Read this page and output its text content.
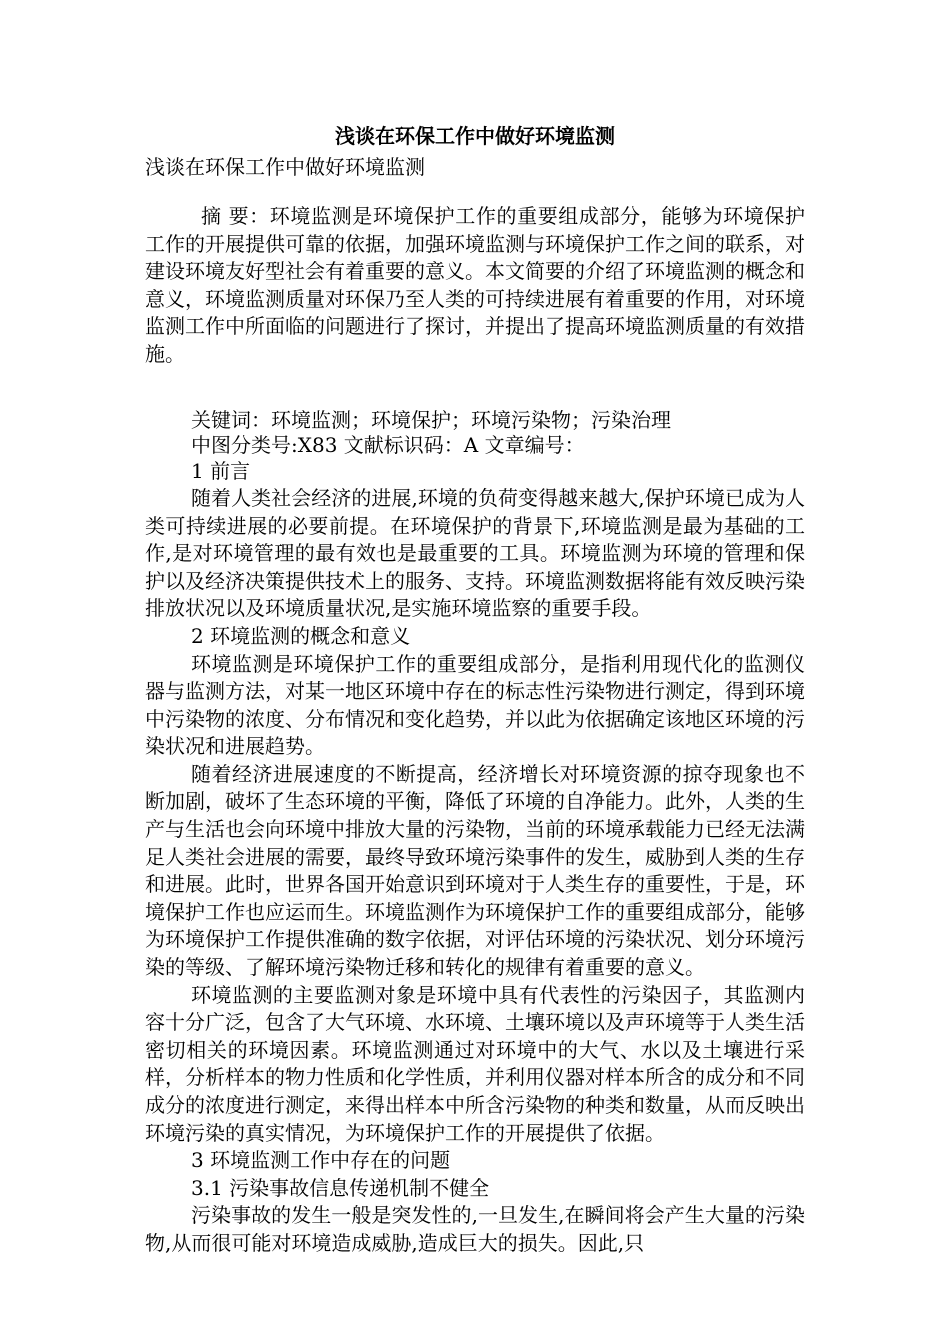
浅谈在环保工作中做好环境监测

浅谈在环保工作中做好环境监测

摘 要：环境监测是环境保护工作的重要组成部分，能够为环境保护工作的开展提供可靠的依据，加强环境监测与环境保护工作之间的联系，对建设环境友好型社会有着重要的意义。本文简要的介绍了环境监测的概念和意义，环境监测质量对环保乃至人类的可持续进展有着重要的作用，对环境监测工作中所面临的问题进行了探讨，并提出了提高环境监测质量的有效措施。

关键词：环境监测；环境保护；环境污染物；污染治理

中图分类号:X83 文献标识码：A 文章编号：

1 前言

随着人类社会经济的进展,环境的负荷变得越来越大,保护环境已成为人类可持续进展的必要前提。在环境保护的背景下,环境监测是最为基础的工作,是对环境管理的最有效也是最重要的工具。环境监测为环境的管理和保护以及经济决策提供技术上的服务、支持。环境监测数据将能有效反映污染排放状况以及环境质量状况,是实施环境监察的重要手段。

2 环境监测的概念和意义

环境监测是环境保护工作的重要组成部分，是指利用现代化的监测仪器与监测方法，对某一地区环境中存在的标志性污染物进行测定，得到环境中污染物的浓度、分布情况和变化趋势，并以此为依据确定该地区环境的污染状况和进展趋势。

随着经济进展速度的不断提高，经济增长对环境资源的掠夺现象也不断加剧，破坏了生态环境的平衡，降低了环境的自净能力。此外，人类的生产与生活也会向环境中排放大量的污染物，当前的环境承载能力已经无法满足人类社会进展的需要，最终导致环境污染事件的发生，威胁到人类的生存和进展。此时，世界各国开始意识到环境对于人类生存的重要性，于是，环境保护工作也应运而生。环境监测作为环境保护工作的重要组成部分，能够为环境保护工作提供准确的数字依据，对评估环境的污染状况、划分环境污染的等级、了解环境污染物迁移和转化的规律有着重要的意义。

环境监测的主要监测对象是环境中具有代表性的污染因子，其监测内容十分广泛，包含了大气环境、水环境、土壤环境以及声环境等于人类生活密切相关的环境因素。环境监测通过对环境中的大气、水以及土壤进行采样，分析样本的物力性质和化学性质，并利用仪器对样本所含的成分和不同成分的浓度进行测定，来得出样本中所含污染物的种类和数量，从而反映出环境污染的真实情况，为环境保护工作的开展提供了依据。

3 环境监测工作中存在的问题

3.1 污染事故信息传递机制不健全

污染事故的发生一般是突发性的,一旦发生,在瞬间将会产生大量的污染物,从而很可能对环境造成威胁,造成巨大的损失。因此,只
